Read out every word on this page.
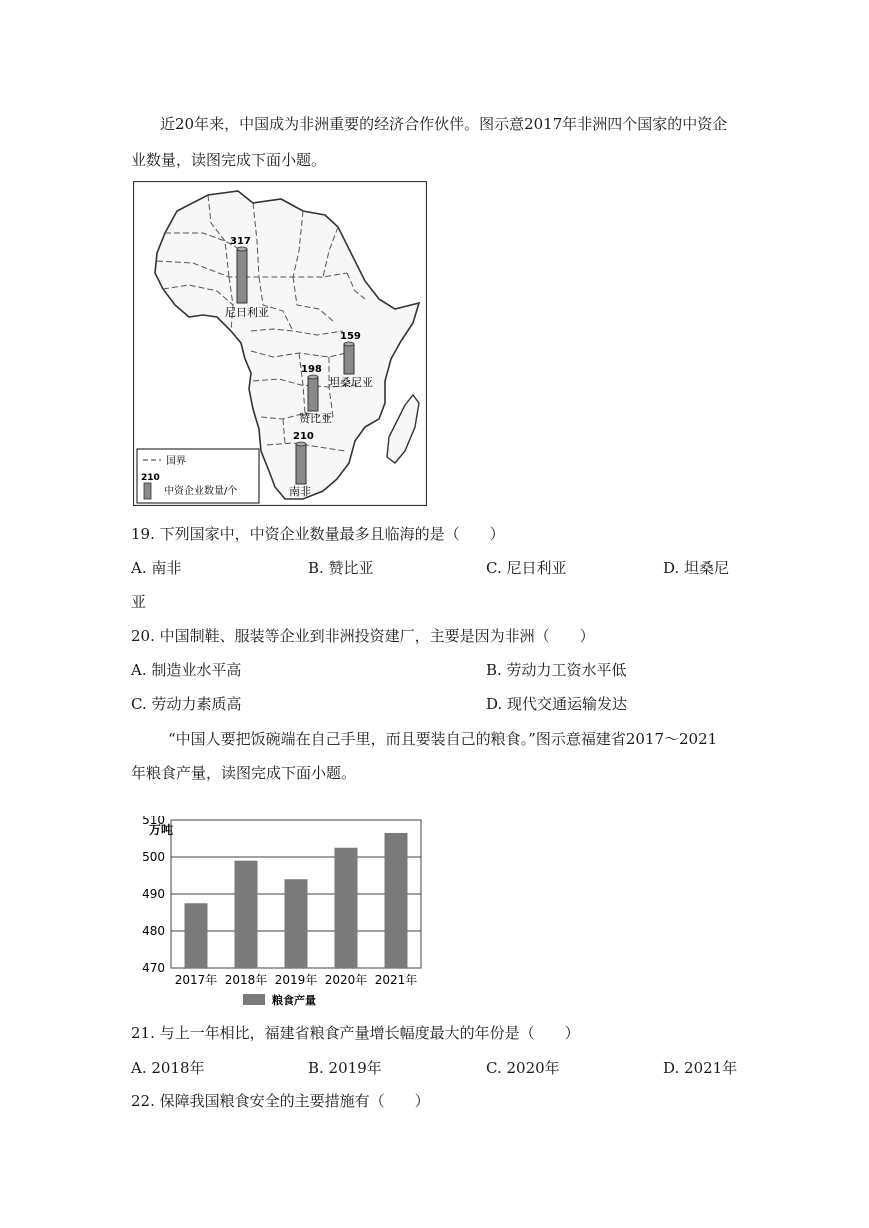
近20年来，中国成为非洲重要的经济合作伙伴。图示意2017年非洲四个国家的中资企
业数量，读图完成下面小题。
317
尼日利亚
159
坦桑尼亚
198
赞比亚
210
南非
国界
210
中资企业数量/个
19. 下列国家中，中资企业数量最多且临海的是（　　）
A. 南非	B. 赞比亚	C. 尼日利亚	D. 坦桑尼
亚
20. 中国制鞋、服装等企业到非洲投资建厂，主要是因为非洲（　　）
A. 制造业水平高	B. 劳动力工资水平低
C. 劳动力素质高	D. 现代交通运输发达
“中国人要把饭碗端在自己手里，而且要装自己的粮食。”图示意福建省2017～2021
年粮食产量，读图完成下面小题。
万吨
470
480
490
500
510
2017年 2018年 2019年 2020年 2021年
粮食产量
21. 与上一年相比，福建省粮食产量增长幅度最大的年份是（　　）
A. 2018年	B. 2019年	C. 2020年	D. 2021年
22. 保障我国粮食安全的主要措施有（　　）
